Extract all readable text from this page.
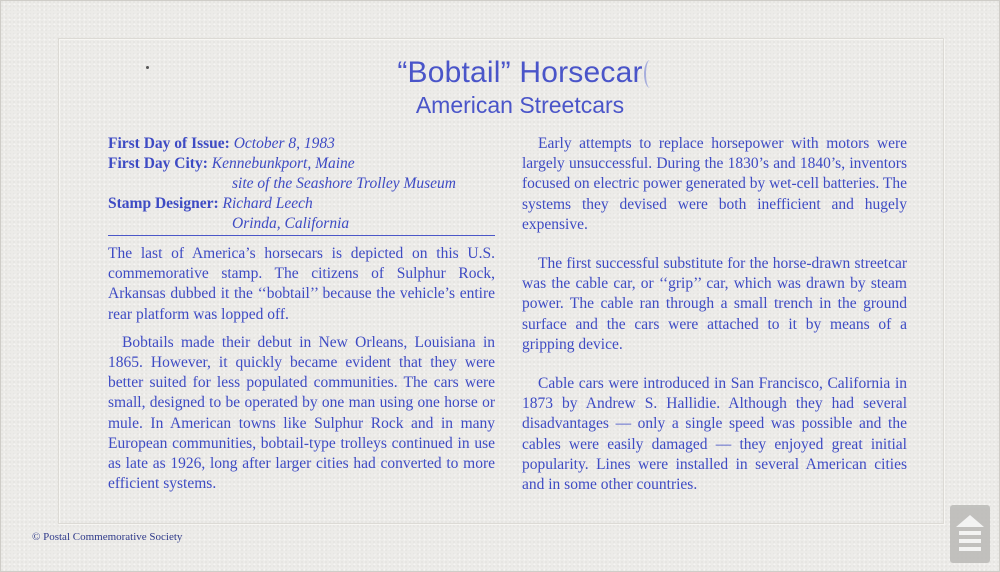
“Bobtail” Horsecar
American Streetcars
First Day of Issue: October 8, 1983
First Day City: Kennebunkport, Maine
site of the Seashore Trolley Museum
Stamp Designer: Richard Leech
Orinda, California

The last of America’s horsecars is depicted on this U.S. commemorative stamp. The citizens of Sulphur Rock, Arkansas dubbed it the ‘‘bobtail’’ because the vehicle’s entire rear platform was lopped off.

Bobtails made their debut in New Orleans, Louisiana in 1865. However, it quickly became evident that they were better suited for less populated communities. The cars were small, designed to be operated by one man using one horse or mule. In American towns like Sulphur Rock and in many European communities, bobtail-type trolleys continued in use as late as 1926, long after larger cities had converted to more efficient systems.

Early attempts to replace horsepower with motors were largely unsuccessful. During the 1830’s and 1840’s, inventors focused on electric power generated by wet-cell batteries. The systems they devised were both inefficient and hugely expensive.

The first successful substitute for the horse-drawn streetcar was the cable car, or ‘‘grip’’ car, which was drawn by steam power. The cable ran through a small trench in the ground surface and the cars were attached to it by means of a gripping device.

Cable cars were introduced in San Francisco, California in 1873 by Andrew S. Hallidie. Although they had several disadvantages — only a single speed was possible and the cables were easily damaged — they enjoyed great initial popularity. Lines were installed in several American cities and in some other countries.

© Postal Commemorative Society
